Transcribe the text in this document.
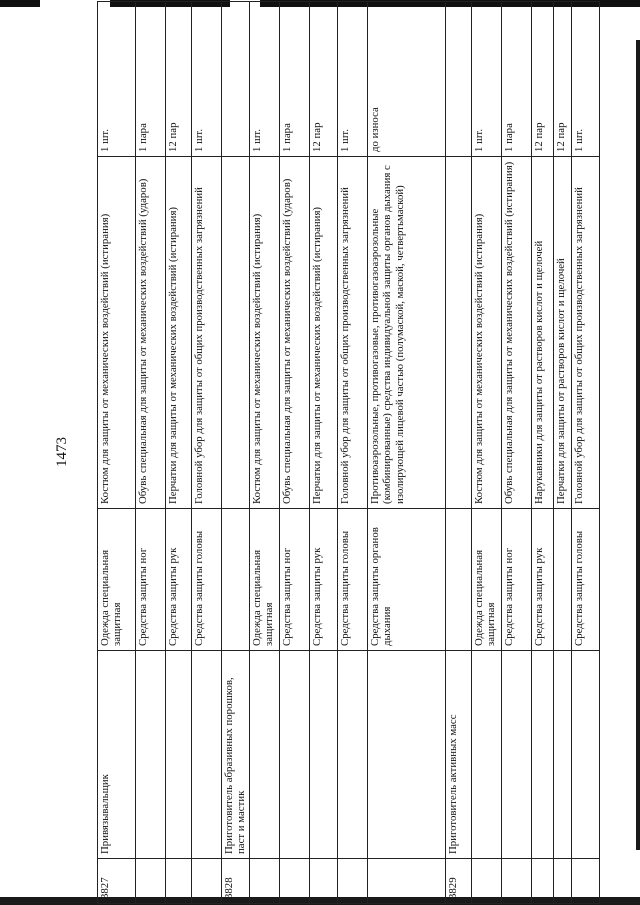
1473
3827	Привязывальщик	Одежда специальная защитная	Костюм для защиты от механических воздействий (истирания)	1 шт.
		Средства защиты ног	Обувь специальная для защиты от механических воздействий (ударов)	1 пара
		Средства защиты рук	Перчатки для защиты от механических воздействий (истирания)	12 пар
		Средства защиты головы	Головной убор для защиты от общих производственных загрязнений	1 шт.
3828	Приготовитель абразивных порошков, паст и мастик			
		Одежда специальная защитная	Костюм для защиты от механических воздействий (истирания)	1 шт.
		Средства защиты ног	Обувь специальная для защиты от механических воздействий (ударов)	1 пара
		Средства защиты рук	Перчатки для защиты от механических воздействий (истирания)	12 пар
		Средства защиты головы	Головной убор для защиты от общих производственных загрязнений	1 шт.
		Средства защиты органов дыхания	Противоаэрозольные, противогазовые, противогазоаэрозольные (комбинированные) средства индивидуальной защиты органов дыхания с изолирующей лицевой частью (полумаской, маской, четвертьмаской)	до износа
3829	Приготовитель активных масс			
		Одежда специальная защитная	Костюм для защиты от механических воздействий (истирания)	1 шт.
		Средства защиты ног	Обувь специальная для защиты от механических воздействий (истирания)	1 пара
		Средства защиты рук	Нарукавники для защиты от растворов кислот и щелочей	12 пар
			Перчатки для защиты от растворов кислот и щелочей	12 пар
		Средства защиты головы	Головной убор для защиты от общих производственных загрязнений	1 шт.
